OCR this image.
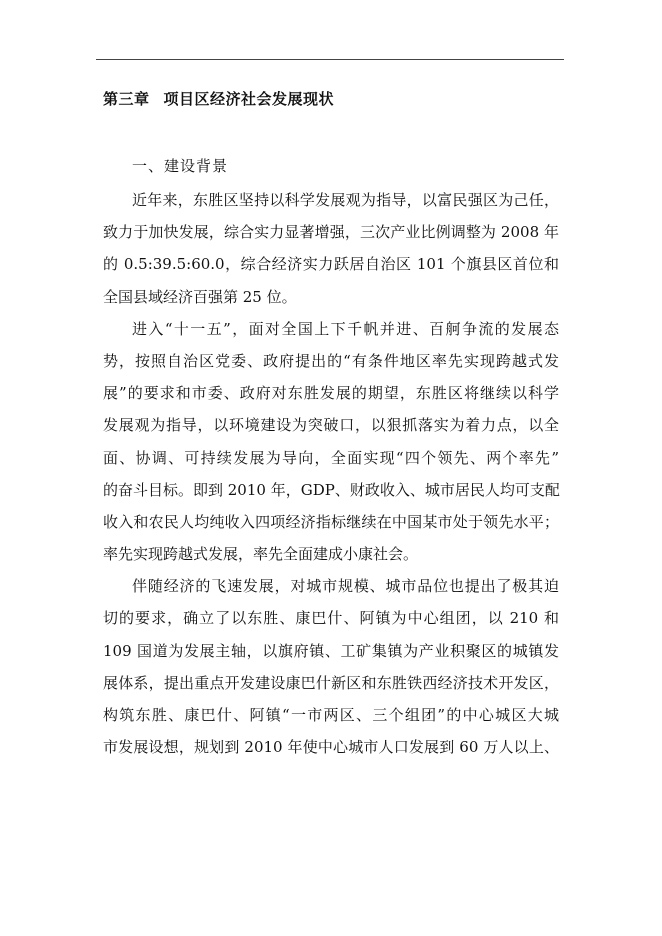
第三章 项目区经济社会发展现状
一、建设背景
近年来，东胜区坚持以科学发展观为指导，以富民强区为己任，
致力于加快发展，综合实力显著增强，三次产业比例调整为 2008 年
的 0.5:39.5:60.0，综合经济实力跃居自治区 101 个旗县区首位和
全国县域经济百强第 25 位。
进入“十一五”，面对全国上下千帆并进、百舸争流的发展态
势，按照自治区党委、政府提出的“有条件地区率先实现跨越式发
展”的要求和市委、政府对东胜发展的期望，东胜区将继续以科学
发展观为指导，以环境建设为突破口，以狠抓落实为着力点，以全
面、协调、可持续发展为导向，全面实现“四个领先、两个率先”
的奋斗目标。即到 2010 年，GDP、财政收入、城市居民人均可支配
收入和农民人均纯收入四项经济指标继续在中国某市处于领先水平；
率先实现跨越式发展，率先全面建成小康社会。
伴随经济的飞速发展，对城市规模、城市品位也提出了极其迫
切的要求，确立了以东胜、康巴什、阿镇为中心组团，以 210 和
109 国道为发展主轴，以旗府镇、工矿集镇为产业积聚区的城镇发
展体系，提出重点开发建设康巴什新区和东胜铁西经济技术开发区，
构筑东胜、康巴什、阿镇“一市两区、三个组团”的中心城区大城
市发展设想，规划到 2010 年使中心城市人口发展到 60 万人以上、
